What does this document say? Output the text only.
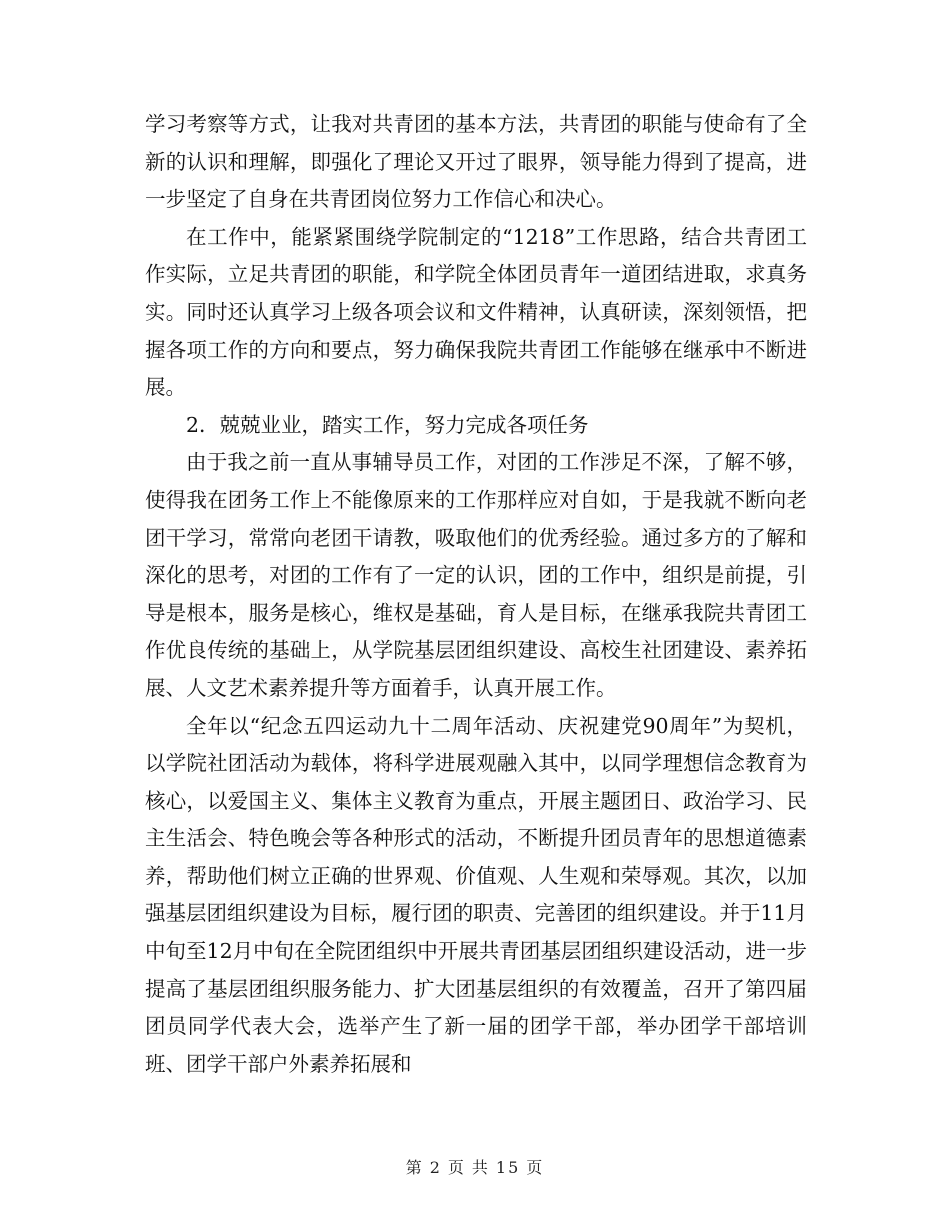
学习考察等方式，让我对共青团的基本方法，共青团的职能与使命有了全新的认识和理解，即强化了理论又开过了眼界，领导能力得到了提高，进一步坚定了自身在共青团岗位努力工作信心和决心。

在工作中，能紧紧围绕学院制定的“1218”工作思路，结合共青团工作实际，立足共青团的职能，和学院全体团员青年一道团结进取，求真务实。同时还认真学习上级各项会议和文件精神，认真研读，深刻领悟，把握各项工作的方向和要点，努力确保我院共青团工作能够在继承中不断进展。

2．兢兢业业，踏实工作，努力完成各项任务

由于我之前一直从事辅导员工作，对团的工作涉足不深，了解不够，使得我在团务工作上不能像原来的工作那样应对自如，于是我就不断向老团干学习，常常向老团干请教，吸取他们的优秀经验。通过多方的了解和深化的思考，对团的工作有了一定的认识，团的工作中，组织是前提，引导是根本，服务是核心，维权是基础，育人是目标，在继承我院共青团工作优良传统的基础上，从学院基层团组织建设、高校生社团建设、素养拓展、人文艺术素养提升等方面着手，认真开展工作。

全年以“纪念五四运动九十二周年活动、庆祝建党90周年”为契机，以学院社团活动为载体，将科学进展观融入其中，以同学理想信念教育为核心，以爱国主义、集体主义教育为重点，开展主题团日、政治学习、民主生活会、特色晚会等各种形式的活动，不断提升团员青年的思想道德素养，帮助他们树立正确的世界观、价值观、人生观和荣辱观。其次，以加强基层团组织建设为目标，履行团的职责、完善团的组织建设。并于11月中旬至12月中旬在全院团组织中开展共青团基层团组织建设活动，进一步提高了基层团组织服务能力、扩大团基层组织的有效覆盖，召开了第四届团员同学代表大会，选举产生了新一届的团学干部，举办团学干部培训班、团学干部户外素养拓展和

第 2 页 共 15 页
